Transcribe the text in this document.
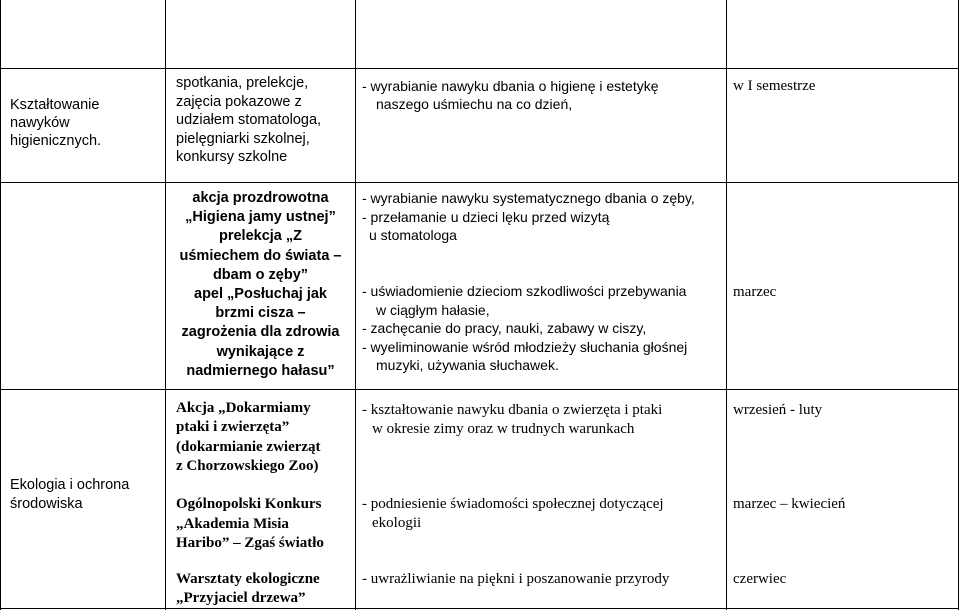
Kształtowanie
nawyków
higienicznych.
spotkania, prelekcje,
zajęcia pokazowe z
udziałem stomatologa,
pielęgniarki szkolnej,
konkursy szkolne
- wyrabianie nawyku dbania o higienę i estetykę
naszego uśmiechu na co dzień,
w I semestrze
akcja prozdrowotna
„Higiena jamy ustnej”
prelekcja „Z
uśmiechem do świata –
dbam o zęby”
apel „Posłuchaj jak
brzmi cisza –
zagrożenia dla zdrowia
wynikające z
nadmiernego hałasu”
- wyrabianie nawyku systematycznego dbania o zęby,
- przełamanie u dzieci lęku przed wizytą
u stomatologa
- uświadomienie dzieciom szkodliwości przebywania
w ciągłym hałasie,
- zachęcanie do pracy, nauki, zabawy w ciszy,
- wyeliminowanie wśród młodzieży słuchania głośnej
muzyki, używania słuchawek.
marzec
Ekologia i ochrona
środowiska
Akcja „Dokarmiamy
ptaki i zwierzęta”
(dokarmianie zwierząt
z Chorzowskiego Zoo)
- kształtowanie nawyku dbania o zwierzęta i ptaki
w okresie zimy oraz w trudnych warunkach
wrzesień - luty
Ogólnopolski Konkurs
„Akademia Misia
Haribo” – Zgaś światło
- podniesienie świadomości społecznej dotyczącej
ekologii
marzec – kwiecień
Warsztaty ekologiczne
„Przyjaciel drzewa”
- uwrażliwianie na piękni i poszanowanie przyrody	czerwiec
